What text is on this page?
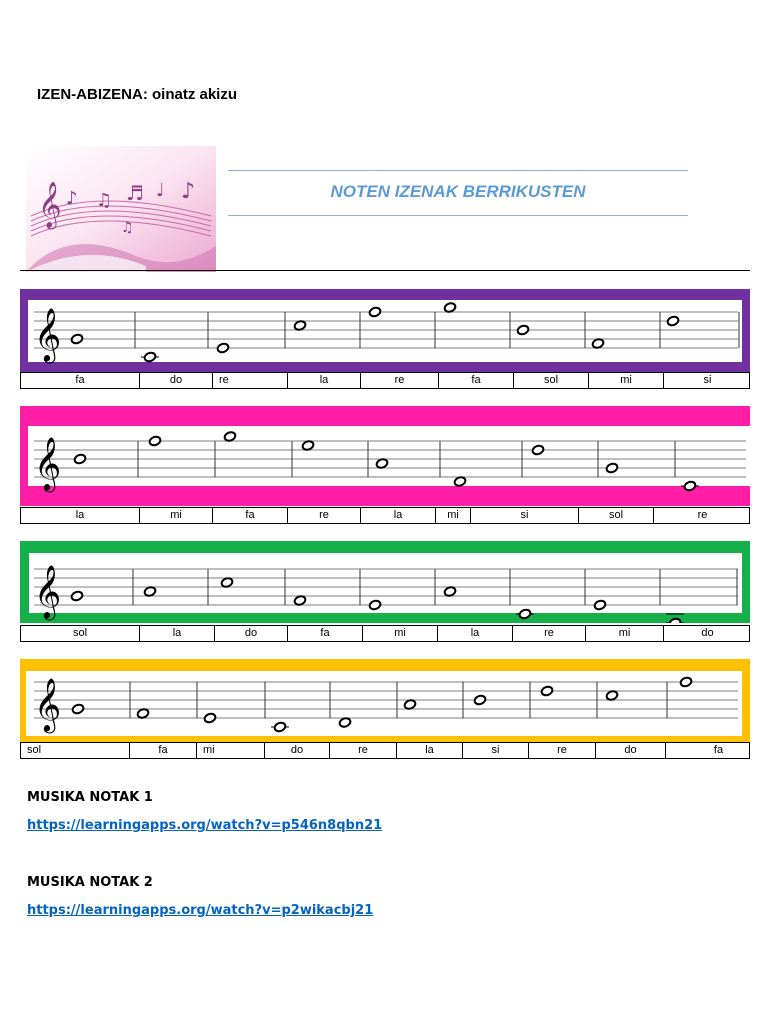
IZEN-ABIZENA: oinatz akizu
𝄞 ♪ ♫ ♬ ♩ ♪
♫
NOTEN IZENAK BERRIKUSTEN
𝄞
fa	do	re	la	re	fa	sol	mi	si
𝄞
la	mi	fa	re	la	mi	si	sol	re
𝄞
sol	la	do	fa	mi	la	re	mi	do
𝄞
sol	fa	mi	do	re	la	si	re	do	fa
MUSIKA NOTAK 1
https://learningapps.org/watch?v=p546n8qbn21
MUSIKA NOTAK 2
https://learningapps.org/watch?v=p2wikacbj21
